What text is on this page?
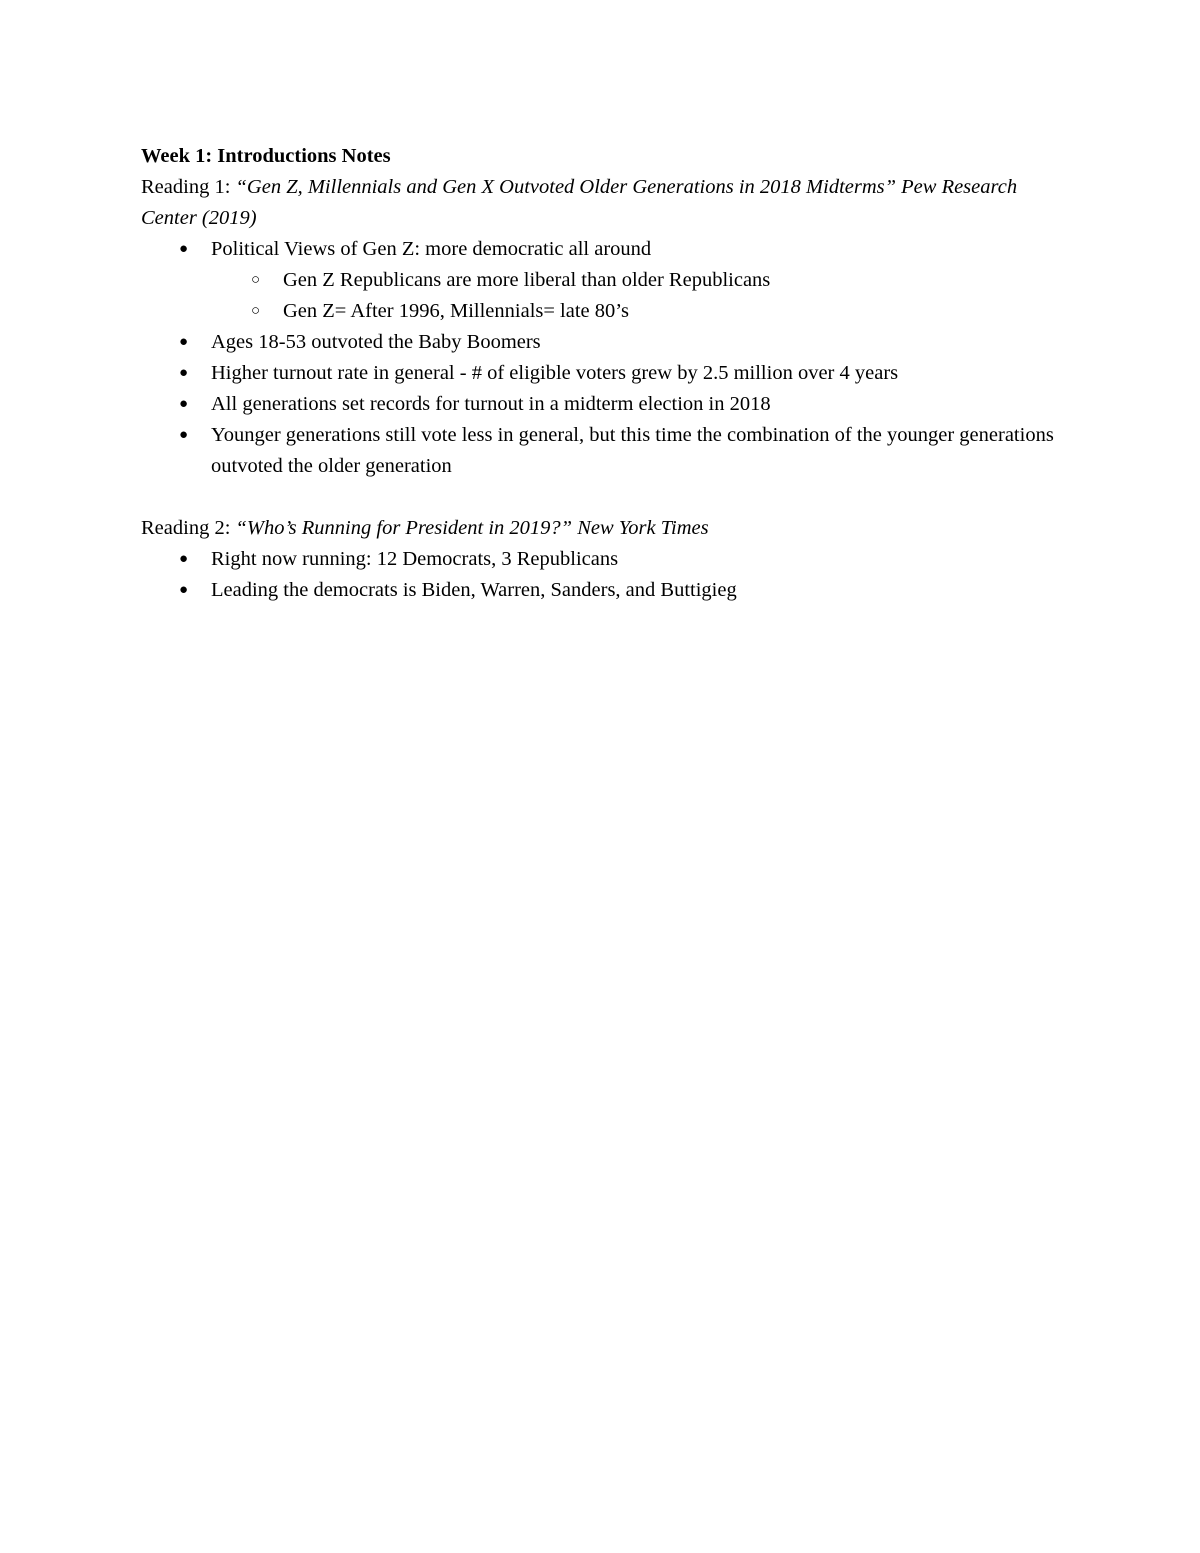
Week 1: Introductions Notes

Reading 1: “Gen Z, Millennials and Gen X Outvoted Older Generations in 2018 Midterms” Pew Research Center (2019)

● Political Views of Gen Z: more democratic all around
○ Gen Z Republicans are more liberal than older Republicans
○ Gen Z= After 1996, Millennials= late 80’s
● Ages 18-53 outvoted the Baby Boomers
● Higher turnout rate in general - # of eligible voters grew by 2.5 million over 4 years
● All generations set records for turnout in a midterm election in 2018
● Younger generations still vote less in general, but this time the combination of the younger generations outvoted the older generation

Reading 2: “Who’s Running for President in 2019?” New York Times

● Right now running: 12 Democrats, 3 Republicans
● Leading the democrats is Biden, Warren, Sanders, and Buttigieg
